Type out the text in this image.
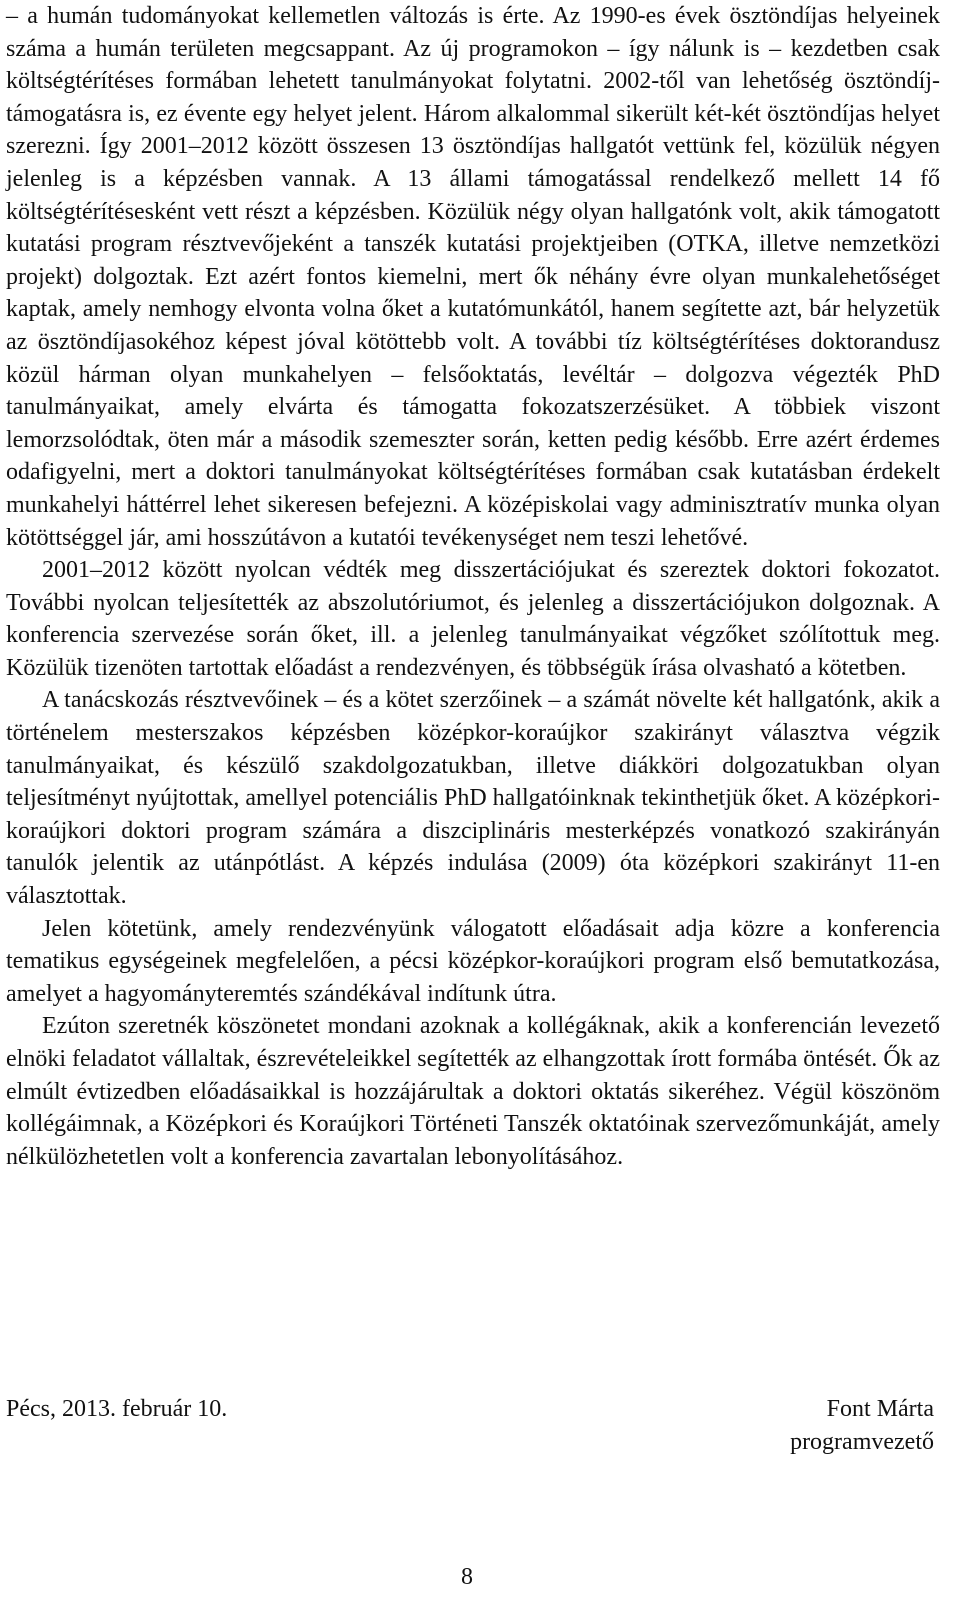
– a humán tudományokat kellemetlen változás is érte. Az 1990-es évek ösztöndíjas helyeinek száma a humán területen megcsappant. Az új programokon – így nálunk is – kezdetben csak költségtérítéses formában lehetett tanulmányokat folytatni. 2002-től van lehetőség ösztöndíj-támogatásra is, ez évente egy helyet jelent. Három alkalommal sikerült két-két ösztöndíjas helyet szerezni. Így 2001–2012 között összesen 13 ösztöndíjas hallgatót vettünk fel, közülük négyen jelenleg is a képzésben vannak. A 13 állami támogatással rendelkező mellett 14 fő költségtérítésesként vett részt a képzésben. Közülük négy olyan hallgatónk volt, akik támogatott kutatási program résztvevőjeként a tanszék kutatási projektjeiben (OTKA, illetve nemzetközi projekt) dolgoztak. Ezt azért fontos kiemelni, mert ők néhány évre olyan munkalehetőséget kaptak, amely nemhogy elvonta volna őket a kutatómunkától, hanem segítette azt, bár helyzetük az ösztöndíjasokéhoz képest jóval kötöttebb volt. A további tíz költségtérítéses doktorandusz közül hárman olyan munkahelyen – felsőoktatás, levéltár – dolgozva végezték PhD tanulmányaikat, amely elvárta és támogatta fokozatszerzésüket. A többiek viszont lemorzsolódtak, öten már a második szemeszter során, ketten pedig később. Erre azért érdemes odafigyelni, mert a doktori tanulmányokat költségtérítéses formában csak kutatásban érdekelt munkahelyi háttérrel lehet sikeresen befejezni. A középiskolai vagy adminisztratív munka olyan kötöttséggel jár, ami hosszútávon a kutatói tevékenységet nem teszi lehetővé.

2001–2012 között nyolcan védték meg disszertációjukat és szereztek doktori fokozatot. További nyolcan teljesítették az abszolutóriumot, és jelenleg a disszertációjukon dolgoznak. A konferencia szervezése során őket, ill. a jelenleg tanulmányaikat végzőket szólítottuk meg. Közülük tizenöten tartottak előadást a rendezvényen, és többségük írása olvasható a kötetben.

A tanácskozás résztvevőinek – és a kötet szerzőinek – a számát növelte két hallgatónk, akik a történelem mesterszakos képzésben középkor-koraújkor szakirányt választva végzik tanulmányaikat, és készülő szakdolgozatukban, illetve diákköri dolgozatukban olyan teljesítményt nyújtottak, amellyel potenciális PhD hallgatóinknak tekinthetjük őket. A középkori-koraújkori doktori program számára a diszciplináris mesterképzés vonatkozó szakirányán tanulók jelentik az utánpótlást. A képzés indulása (2009) óta középkori szakirányt 11-en választottak.

Jelen kötetünk, amely rendezvényünk válogatott előadásait adja közre a konferencia tematikus egységeinek megfelelően, a pécsi középkor-koraújkori program első bemutatkozása, amelyet a hagyományteremtés szándékával indítunk útra.

Ezúton szeretnék köszönetet mondani azoknak a kollégáknak, akik a konferencián levezető elnöki feladatot vállaltak, észrevételeikkel segítették az elhangzottak írott formába öntését. Ők az elmúlt évtizedben előadásaikkal is hozzájárultak a doktori oktatás sikeréhez. Végül köszönöm kollégáimnak, a Középkori és Koraújkori Történeti Tanszék oktatóinak szervezőmunkáját, amely nélkülözhetetlen volt a konferencia zavartalan lebonyolításához.

Pécs, 2013. február 10.	Font Márta
programvezető
8
